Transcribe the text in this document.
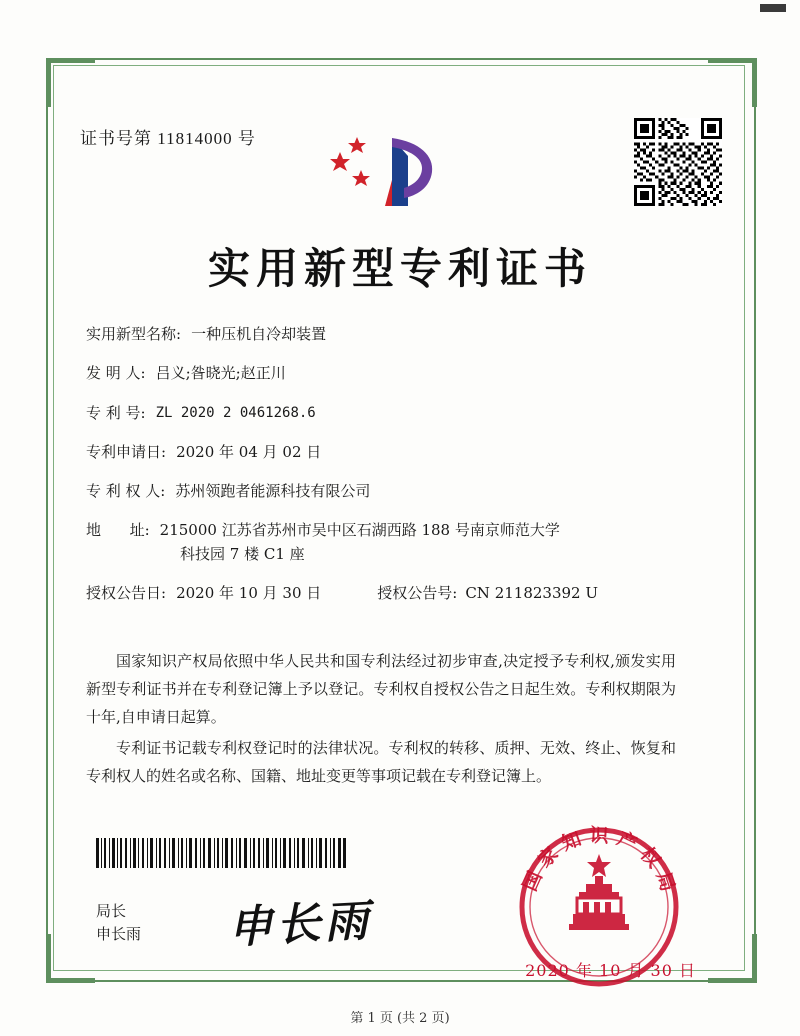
证书号第 11814000 号
实用新型专利证书
实用新型名称: 一种压机自冷却装置
发 明 人: 吕义;昝晓光;赵正川
专 利 号: ZL 2020 2 0461268.6
专利申请日: 2020 年 04 月 02 日
专 利 权 人: 苏州领跑者能源科技有限公司
地      址: 215000 江苏省苏州市吴中区石湖西路 188 号南京师范大学
科技园 7 楼 C1 座
授权公告日: 2020 年 10 月 30 日	授权公告号: CN 211823392 U

国家知识产权局依照中华人民共和国专利法经过初步审查,决定授予专利权,颁发实用新型专利证书并在专利登记簿上予以登记。专利权自授权公告之日起生效。专利权期限为十年,自申请日起算。

专利证书记载专利权登记时的法律状况。专利权的转移、质押、无效、终止、恢复和专利权人的姓名或名称、国籍、地址变更等事项记载在专利登记簿上。

局长
申长雨 申长雨
国家知识产权局
2020 年 10 月 30 日
第 1 页 (共 2 页)
